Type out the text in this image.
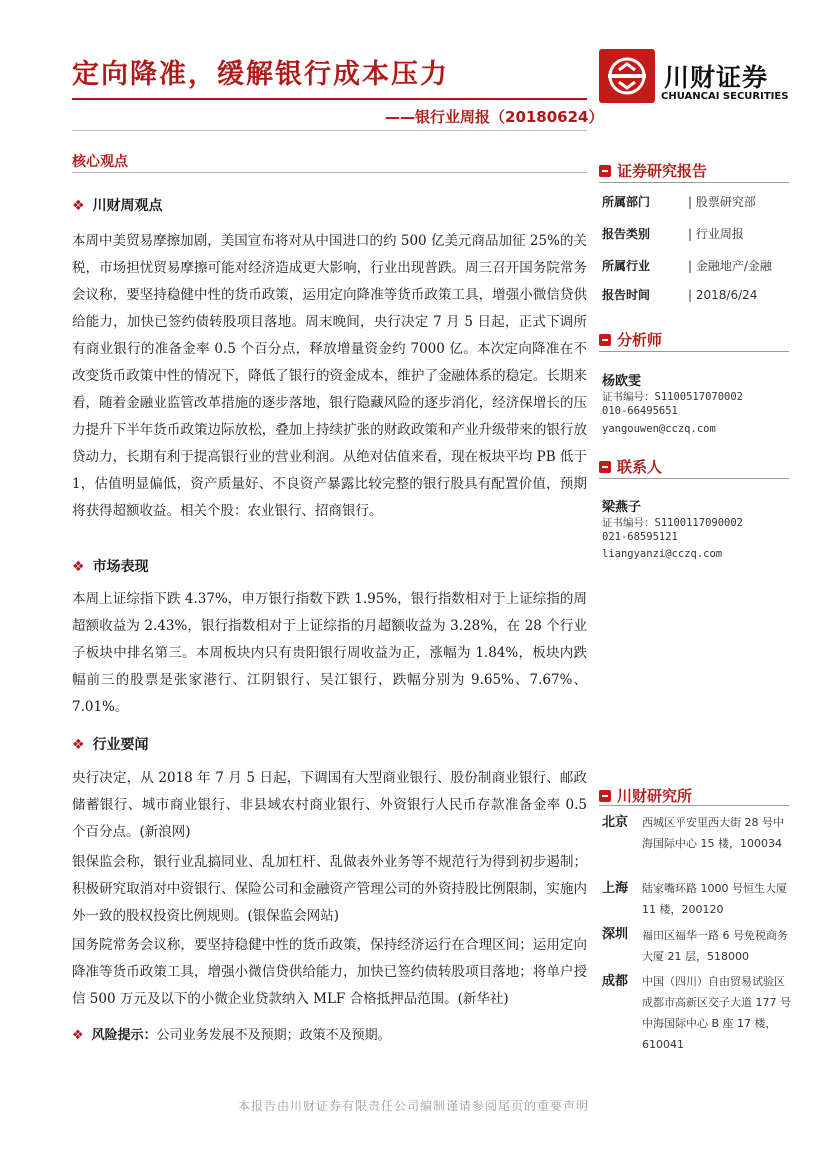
定向降准，缓解银行成本压力
——银行业周报（20180624）
川财证券
CHUANCAI SECURITIES
核心观点
❖ 川财周观点
本周中美贸易摩擦加剧，美国宣布将对从中国进口的约 500 亿美元商品加征 25%的关税，市场担忧贸易摩擦可能对经济造成更大影响，行业出现普跌。周三召开国务院常务会议称，要坚持稳健中性的货币政策，运用定向降准等货币政策工具，增强小微信贷供给能力，加快已签约债转股项目落地。周末晚间，央行决定 7 月 5 日起，正式下调所有商业银行的准备金率 0.5 个百分点，释放增量资金约 7000 亿。本次定向降准在不改变货币政策中性的情况下，降低了银行的资金成本，维护了金融体系的稳定。长期来看，随着金融业监管改革措施的逐步落地，银行隐藏风险的逐步消化，经济保增长的压力提升下半年货币政策边际放松，叠加上持续扩张的财政政策和产业升级带来的银行放贷动力，长期有利于提高银行业的营业利润。从绝对估值来看，现在板块平均 PB 低于 1，估值明显偏低，资产质量好、不良资产暴露比较完整的银行股具有配置价值，预期将获得超额收益。相关个股：农业银行、招商银行。
❖ 市场表现
本周上证综指下跌 4.37%，申万银行指数下跌 1.95%，银行指数相对于上证综指的周超额收益为 2.43%，银行指数相对于上证综指的月超额收益为 3.28%，在 28 个行业子板块中排名第三。本周板块内只有贵阳银行周收益为正，涨幅为 1.84%，板块内跌幅前三的股票是张家港行、江阴银行、吴江银行，跌幅分别为 9.65%、7.67%、7.01%。
❖ 行业要闻
央行决定，从 2018 年 7 月 5 日起，下调国有大型商业银行、股份制商业银行、邮政储蓄银行、城市商业银行、非县域农村商业银行、外资银行人民币存款准备金率 0.5 个百分点。(新浪网)
银保监会称，银行业乱搞同业、乱加杠杆、乱做表外业务等不规范行为得到初步遏制；积极研究取消对中资银行、保险公司和金融资产管理公司的外资持股比例限制，实施内外一致的股权投资比例规则。(银保监会网站)
国务院常务会议称，要坚持稳健中性的货币政策，保持经济运行在合理区间；运用定向降准等货币政策工具，增强小微信贷供给能力，加快已签约债转股项目落地；将单户授信 500 万元及以下的小微企业贷款纳入 MLF 合格抵押品范围。(新华社)
❖ 风险提示：公司业务发展不及预期；政策不及预期。
证券研究报告
所属部门	| 股票研究部
报告类别	| 行业周报
所属行业	| 金融地产/金融
报告时间	| 2018/6/24
分析师
杨欧雯
证书编号：S1100517070002
010-66495651
yangouwen@cczq.com
联系人
梁燕子
证书编号：S1100117090002
021-68595121
liangyanzi@cczq.com
川财研究所
北京 西城区平安里西大街 28 号中海国际中心 15 楼，100034
上海 陆家嘴环路 1000 号恒生大厦 11 楼，200120
深圳 福田区福华一路 6 号免税商务大厦 21 层，518000
成都 中国（四川）自由贸易试验区成都市高新区交子大道 177 号中海国际中心 B 座 17 楼，610041
本报告由川财证券有限责任公司编制谨请参阅尾页的重要声明
